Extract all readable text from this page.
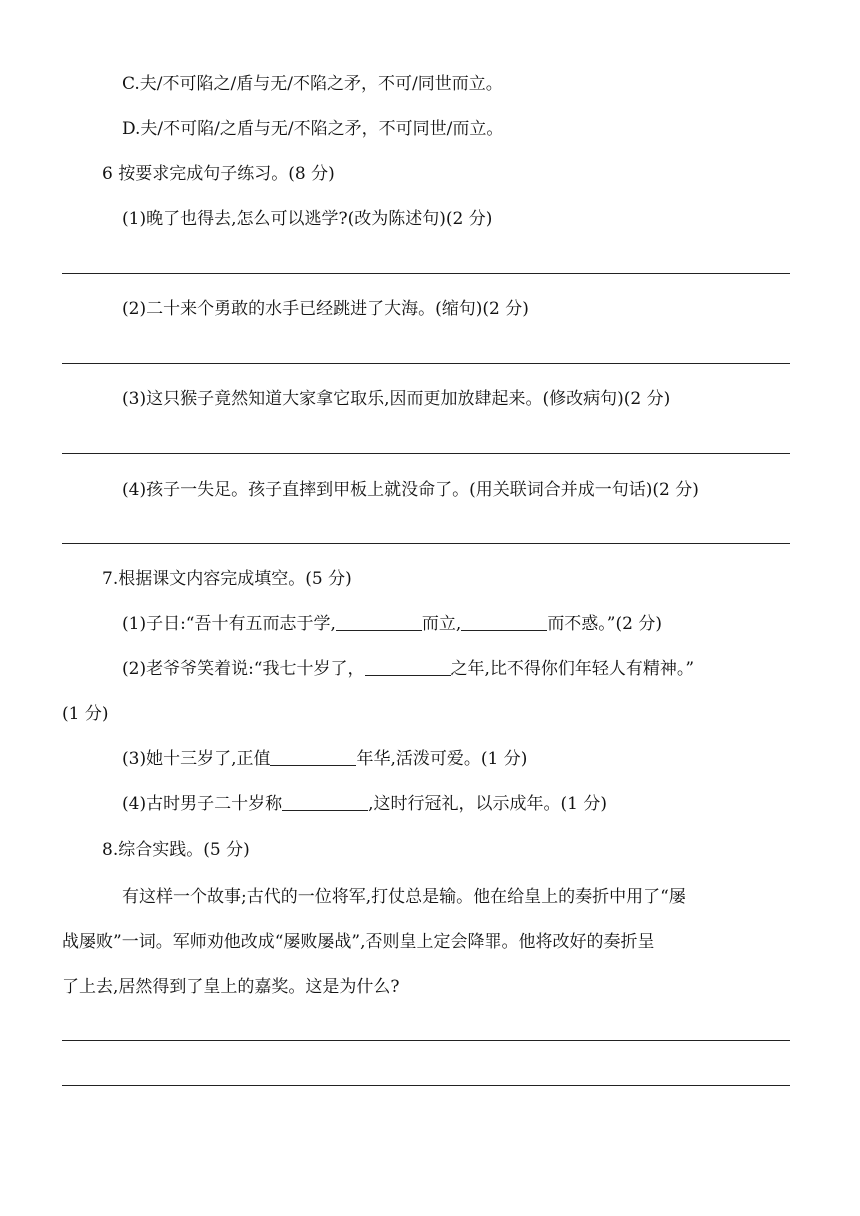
C.夫/不可陷之/盾与无/不陷之矛，不可/同世而立。
D.夫/不可陷/之盾与无/不陷之矛，不可同世/而立。
6 按要求完成句子练习。(8 分)
(1)晚了也得去,怎么可以逃学?(改为陈述句)(2 分)
(2)二十来个勇敢的水手已经跳进了大海。(缩句)(2 分)
(3)这只猴子竟然知道大家拿它取乐,因而更加放肆起来。(修改病句)(2 分)
(4)孩子一失足。孩子直摔到甲板上就没命了。(用关联词合并成一句话)(2 分)
7.根据课文内容完成填空。(5 分)
(1)子日:“吾十有五而志于学,	而立,	而不惑。”(2 分)
(2)老爷爷笑着说:“我七十岁了，	之年,比不得你们年轻人有精神。”
(1 分)
(3)她十三岁了,正值	年华,活泼可爱。(1 分)
(4)古时男子二十岁称	,这时行冠礼，以示成年。(1 分)
8.综合实践。(5 分)
有这样一个故事;古代的一位将军,打仗总是输。他在给皇上的奏折中用了“屡
战屡败”一词。军师劝他改成“屡败屡战”,否则皇上定会降罪。他将改好的奏折呈
了上去,居然得到了皇上的嘉奖。这是为什么?
